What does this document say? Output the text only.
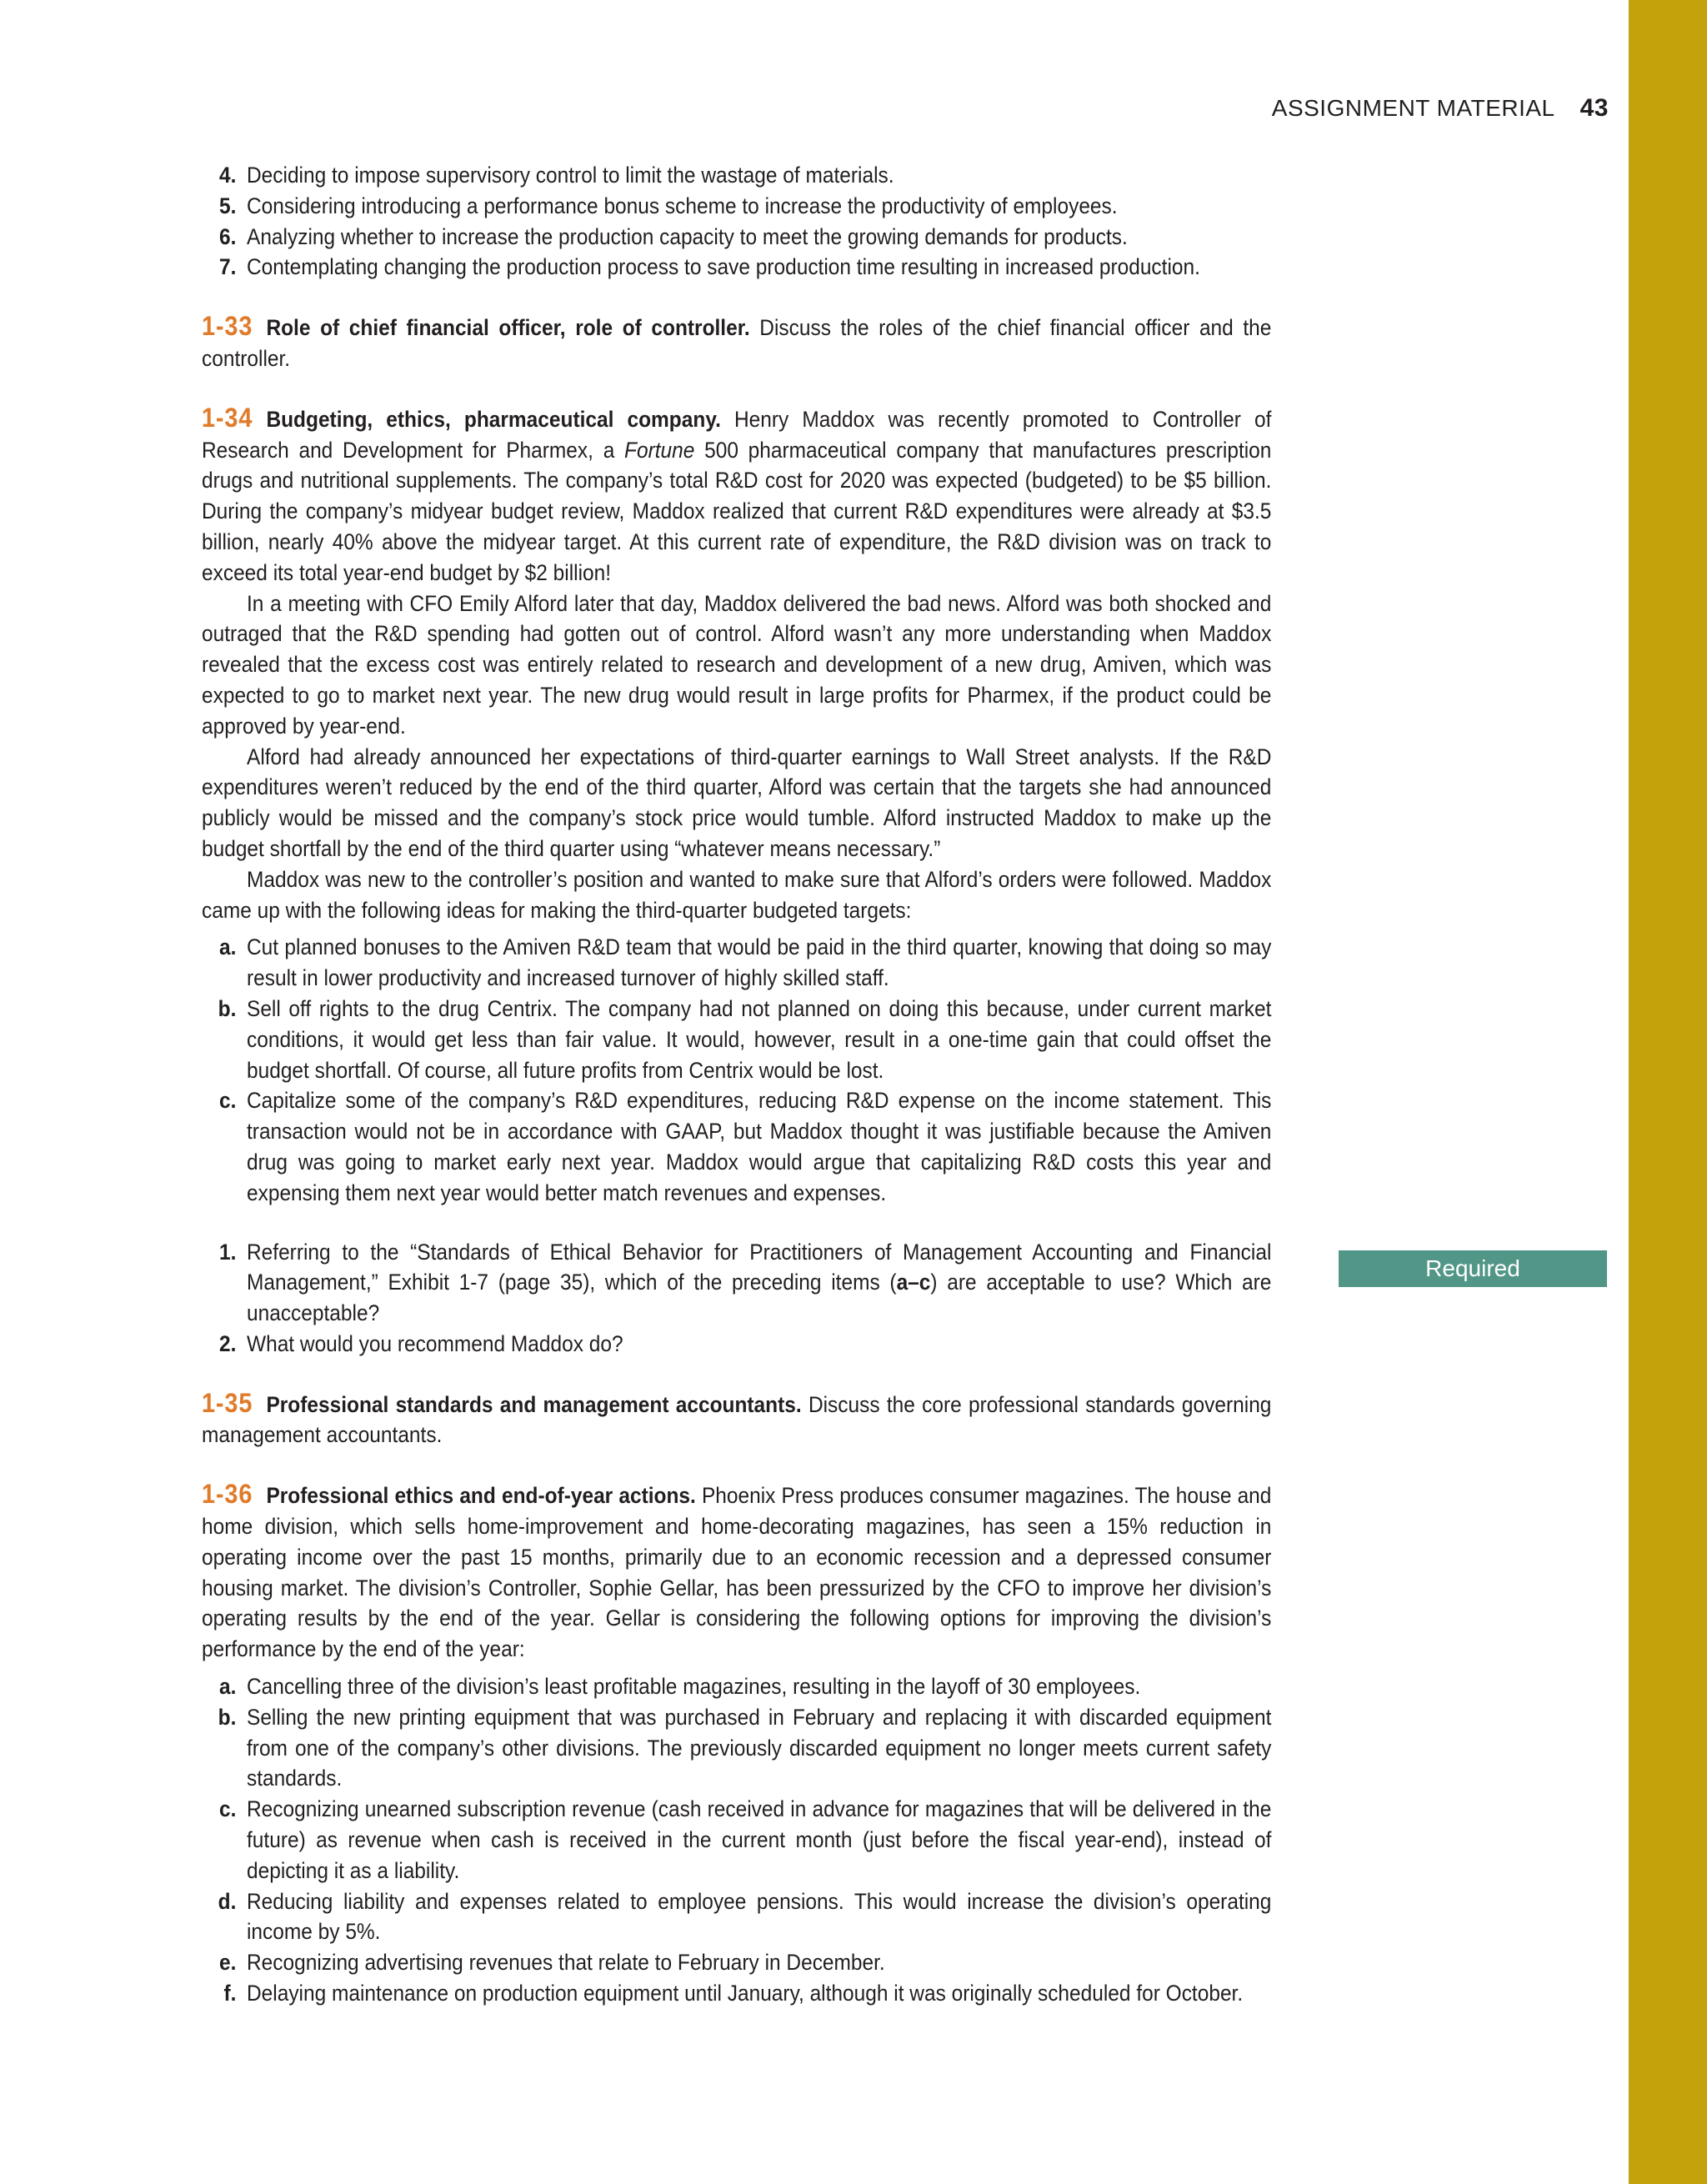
ASSIGNMENT MATERIAL 43
Required
4. Deciding to impose supervisory control to limit the wastage of materials.
5. Considering introducing a performance bonus scheme to increase the productivity of employees.
6. Analyzing whether to increase the production capacity to meet the growing demands for products.
7. Contemplating changing the production process to save production time resulting in increased production.

1-33 Role of chief financial officer, role of controller. Discuss the roles of the chief financial officer and the controller.

1-34 Budgeting, ethics, pharmaceutical company. Henry Maddox was recently promoted to Controller of Research and Development for Pharmex, a Fortune 500 pharmaceutical company that manufactures prescription drugs and nutritional supplements. The company’s total R&D cost for 2020 was expected (budgeted) to be $5 billion. During the company’s midyear budget review, Maddox realized that current R&D expenditures were already at $3.5 billion, nearly 40% above the midyear target. At this current rate of expenditure, the R&D division was on track to exceed its total year-end budget by $2 billion!

In a meeting with CFO Emily Alford later that day, Maddox delivered the bad news. Alford was both shocked and outraged that the R&D spending had gotten out of control. Alford wasn’t any more understanding when Maddox revealed that the excess cost was entirely related to research and development of a new drug, Amiven, which was expected to go to market next year. The new drug would result in large profits for Pharmex, if the product could be approved by year-end.

Alford had already announced her expectations of third-quarter earnings to Wall Street analysts. If the R&D expenditures weren’t reduced by the end of the third quarter, Alford was certain that the targets she had announced publicly would be missed and the company’s stock price would tumble. Alford instructed Maddox to make up the budget shortfall by the end of the third quarter using “whatever means necessary.”

Maddox was new to the controller’s position and wanted to make sure that Alford’s orders were followed. Maddox came up with the following ideas for making the third-quarter budgeted targets:

a. Cut planned bonuses to the Amiven R&D team that would be paid in the third quarter, knowing that doing so may result in lower productivity and increased turnover of highly skilled staff.
b. Sell off rights to the drug Centrix. The company had not planned on doing this because, under current market conditions, it would get less than fair value. It would, however, result in a one-time gain that could offset the budget shortfall. Of course, all future profits from Centrix would be lost.
c. Capitalize some of the company’s R&D expenditures, reducing R&D expense on the income statement. This transaction would not be in accordance with GAAP, but Maddox thought it was justifiable because the Amiven drug was going to market early next year. Maddox would argue that capitalizing R&D costs this year and expensing them next year would better match revenues and expenses.
1. Referring to the “Standards of Ethical Behavior for Practitioners of Management Accounting and Financial Management,” Exhibit 1-7 (page 35), which of the preceding items (a–c) are acceptable to use? Which are unacceptable?
2. What would you recommend Maddox do?

1-35 Professional standards and management accountants. Discuss the core professional standards governing management accountants.

1-36 Professional ethics and end-of-year actions. Phoenix Press produces consumer magazines. The house and home division, which sells home-improvement and home-decorating magazines, has seen a 15% reduction in operating income over the past 15 months, primarily due to an economic recession and a depressed consumer housing market. The division’s Controller, Sophie Gellar, has been pressurized by the CFO to improve her division’s operating results by the end of the year. Gellar is considering the following options for improving the division’s performance by the end of the year:

a. Cancelling three of the division’s least profitable magazines, resulting in the layoff of 30 employees.
b. Selling the new printing equipment that was purchased in February and replacing it with discarded equipment from one of the company’s other divisions. The previously discarded equipment no longer meets current safety standards.
c. Recognizing unearned subscription revenue (cash received in advance for magazines that will be delivered in the future) as revenue when cash is received in the current month (just before the fiscal year-end), instead of depicting it as a liability.
d. Reducing liability and expenses related to employee pensions. This would increase the division’s operating income by 5%.
e. Recognizing advertising revenues that relate to February in December.
f. Delaying maintenance on production equipment until January, although it was originally scheduled for October.
